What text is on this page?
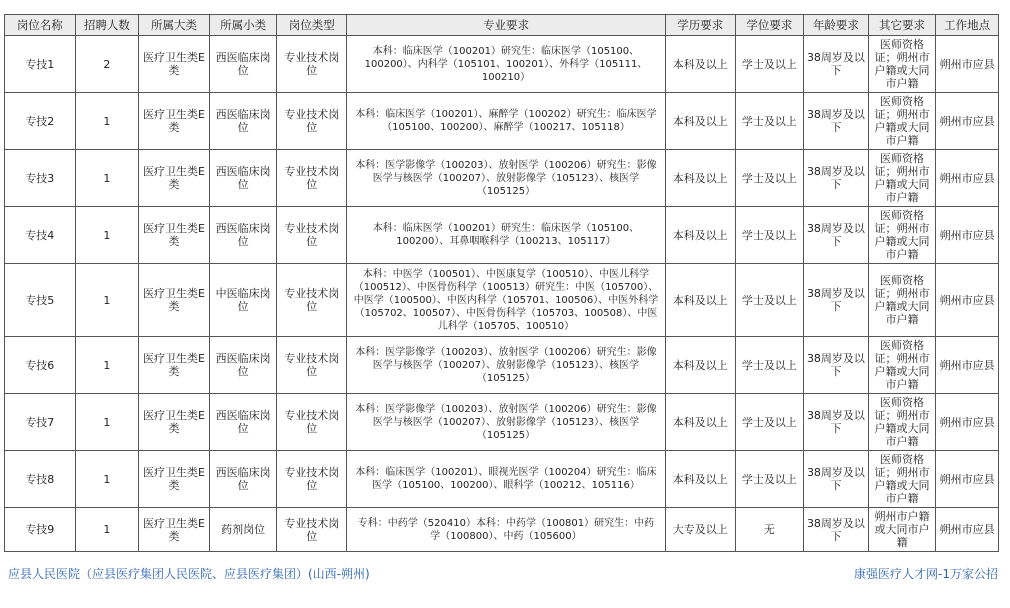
岗位名称	招聘人数	所属大类	所属小类	岗位类型	专业要求	学历要求	学位要求	年龄要求	其它要求	工作地点
专技1	2	医疗卫生类E类	西医临床岗位	专业技术岗位	本科：临床医学（100201）研究生：临床医学（105100、100200）、内科学（105101、100201）、外科学（105111、100210）	本科及以上	学士及以上	38周岁及以下	医师资格证；朔州市户籍或大同市户籍	朔州市应县
专技2	1	医疗卫生类E类	西医临床岗位	专业技术岗位	本科：临床医学（100201）、麻醉学（100202）研究生：临床医学（105100、100200）、麻醉学（100217、105118）	本科及以上	学士及以上	38周岁及以下	医师资格证；朔州市户籍或大同市户籍	朔州市应县
专技3	1	医疗卫生类E类	西医临床岗位	专业技术岗位	本科：医学影像学（100203）、放射医学（100206）研究生：影像医学与核医学（100207）、放射影像学（105123）、核医学（105125）	本科及以上	学士及以上	38周岁及以下	医师资格证；朔州市户籍或大同市户籍	朔州市应县
专技4	1	医疗卫生类E类	西医临床岗位	专业技术岗位	本科：临床医学（100201）研究生：临床医学（105100、100200）、耳鼻咽喉科学（100213、105117）	本科及以上	学士及以上	38周岁及以下	医师资格证；朔州市户籍或大同市户籍	朔州市应县
专技5	1	医疗卫生类E类	中医临床岗位	专业技术岗位	本科：中医学（100501）、中医康复学（100510）、中医儿科学（100512）、中医骨伤科学（100513）研究生：中医（105700）、中医学（100500）、中医内科学（105701、100506）、中医外科学（105702、100507）、中医骨伤科学（105703、100508）、中医儿科学（105705、100510）	本科及以上	学士及以上	38周岁及以下	医师资格证；朔州市户籍或大同市户籍	朔州市应县
专技6	1	医疗卫生类E类	西医临床岗位	专业技术岗位	本科：医学影像学（100203）、放射医学（100206）研究生：影像医学与核医学（100207）、放射影像学（105123）、核医学（105125）	本科及以上	学士及以上	38周岁及以下	医师资格证；朔州市户籍或大同市户籍	朔州市应县
专技7	1	医疗卫生类E类	西医临床岗位	专业技术岗位	本科：医学影像学（100203）、放射医学（100206）研究生：影像医学与核医学（100207）、放射影像学（105123）、核医学（105125）	本科及以上	学士及以上	38周岁及以下	医师资格证；朔州市户籍或大同市户籍	朔州市应县
专技8	1	医疗卫生类E类	西医临床岗位	专业技术岗位	本科：临床医学（100201）、眼视光医学（100204）研究生：临床医学（105100、100200）、眼科学（100212、105116）	本科及以上	学士及以上	38周岁及以下	医师资格证；朔州市户籍或大同市户籍	朔州市应县
专技9	1	医疗卫生类E类	药剂岗位	专业技术岗位	专科：中药学（520410）本科：中药学（100801）研究生：中药学（100800）、中药（105600）	大专及以上	无	38周岁及以下	朔州市户籍或大同市户籍	朔州市应县
应县人民医院（应县医疗集团人民医院、应县医疗集团）(山西-朔州)	康强医疗人才网-1万家公招
